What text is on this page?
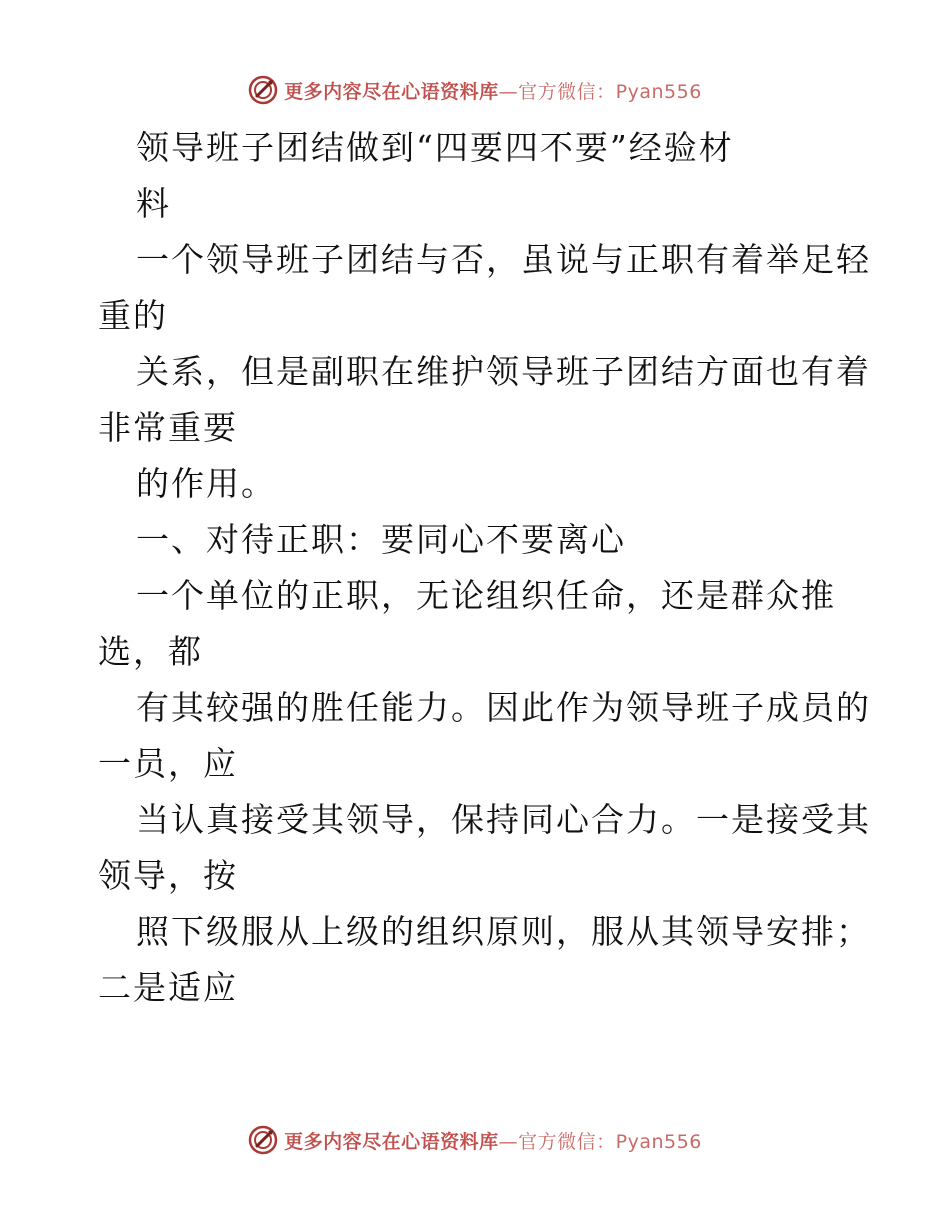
更多内容尽在心语资料库—官方微信：Pyan556
领导班子团结做到“四要四不要”经验材
料
一个领导班子团结与否，虽说与正职有着举足轻
重的
关系，但是副职在维护领导班子团结方面也有着
非常重要
的作用。
一、对待正职：要同心不要离心
一个单位的正职，无论组织任命，还是群众推
选，都
有其较强的胜任能力。因此作为领导班子成员的
一员，应
当认真接受其领导，保持同心合力。一是接受其
领导，按
照下级服从上级的组织原则，服从其领导安排；
二是适应
更多内容尽在心语资料库—官方微信：Pyan556
